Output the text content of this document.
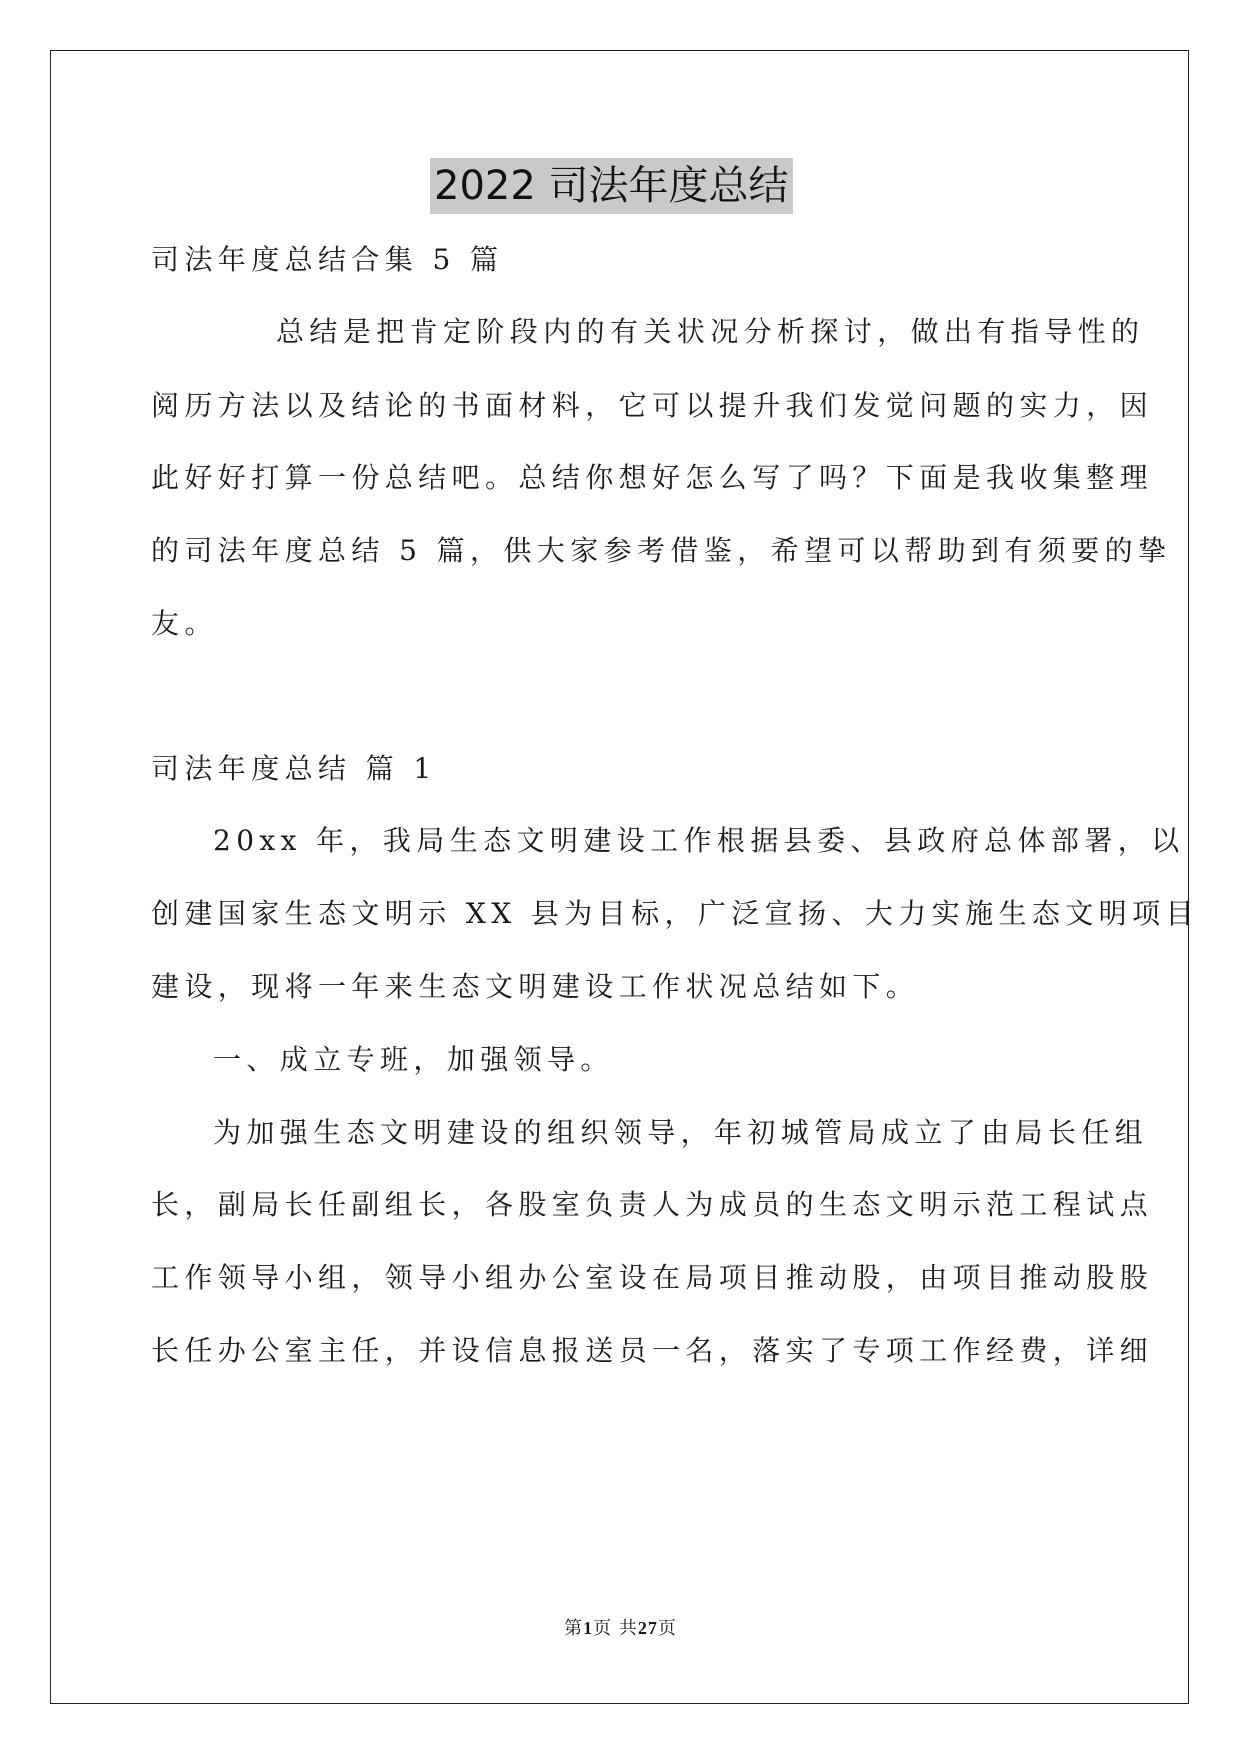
2022 司法年度总结
司法年度总结合集 5 篇
总结是把肯定阶段内的有关状况分析探讨，做出有指导性的
阅历方法以及结论的书面材料，它可以提升我们发觉问题的实力，因
此好好打算一份总结吧。总结你想好怎么写了吗？下面是我收集整理
的司法年度总结 5 篇，供大家参考借鉴，希望可以帮助到有须要的挚
友。
司法年度总结 篇 1
20xx 年，我局生态文明建设工作根据县委、县政府总体部署，以
创建国家生态文明示 XX 县为目标，广泛宣扬、大力实施生态文明项目
建设，现将一年来生态文明建设工作状况总结如下。
一、成立专班，加强领导。
为加强生态文明建设的组织领导，年初城管局成立了由局长任组
长，副局长任副组长，各股室负责人为成员的生态文明示范工程试点
工作领导小组，领导小组办公室设在局项目推动股，由项目推动股股
长任办公室主任，并设信息报送员一名，落实了专项工作经费，详细
第1页 共27页
